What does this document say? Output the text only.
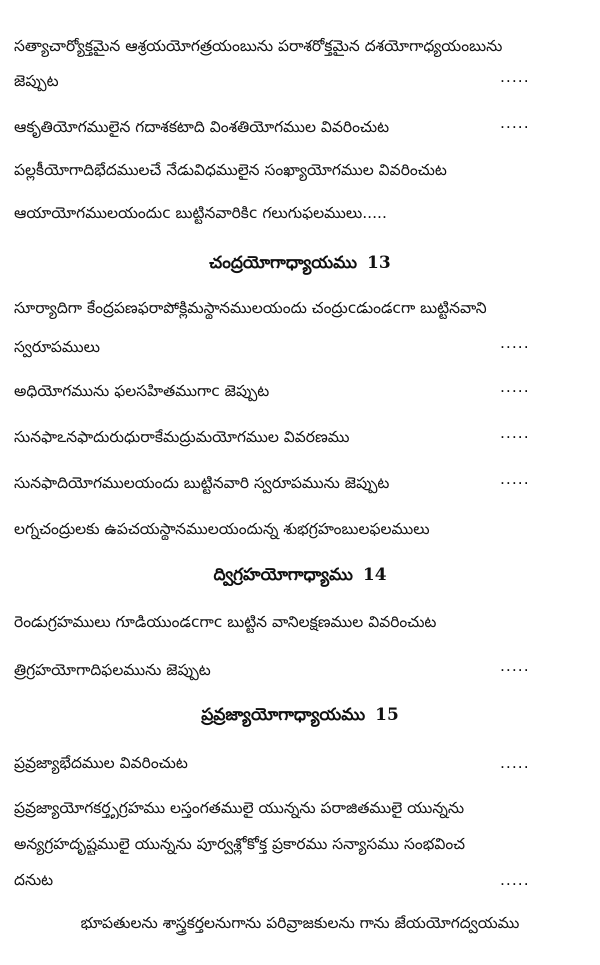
సత్యాచార్యోక్తమైన ఆశ్రయయోగత్రయంబును పరాశరోక్తమైన దశయోగాధ్యయంబును
జెప్పుట	.....
ఆకృతియోగములైన గదాశకటాది వింశతియోగముల వివరించుట	.....
పల్లకీయోగాదిభేదములచే నేడువిధములైన సంఖ్యాయోగముల వివరించుట
ఆయాయోగములయందుc బుట్టినవారికిc గలుగుఫలములు.....
చంద్రయోగాధ్యాయము 13
సూర్యాదిగా కేంద్రపణఫరాపోక్లిమస్థానములయందు చంద్రుcడుండcగా బుట్టినవాని
స్వరూపములు	.....
అధియోగమును ఫలసహితముగాc జెప్పుట	.....
సునఫాఽనఫాదురుధురాకేమద్రుమయోగముల వివరణము	.....
సునఫాదియోగములయందు బుట్టినవారి స్వరూపమును జెప్పుట	.....
లగ్నచంద్రులకు ఉపచయస్థానములయందున్న శుభగ్రహంబులఫలములు
ద్విగ్రహయోగాధ్యాము 14
రెండుగ్రహములు గూడియుండcగాc బుట్టిన వానిలక్షణముల వివరించుట
త్రిగ్రహయోగాదిఫలమును జెప్పుట	.....
ప్రవ్రజ్యాయోగాధ్యాయము 15
ప్రవ్రజ్యాభేదముల వివరించుట	.....
ప్రవ్రజ్యాయోగకర్తృగ్రహము లస్తంగతములై యున్నను పరాజితములై యున్నను
అన్యగ్రహదృష్టములై యున్నను పూర్వశ్లోకోక్త ప్రకారము సన్యాసము సంభవించ
దనుట	.....
భూపతులను శాస్త్రకర్తలనుగాను పరివ్రాజకులను గాను జేయయోగద్వయము
